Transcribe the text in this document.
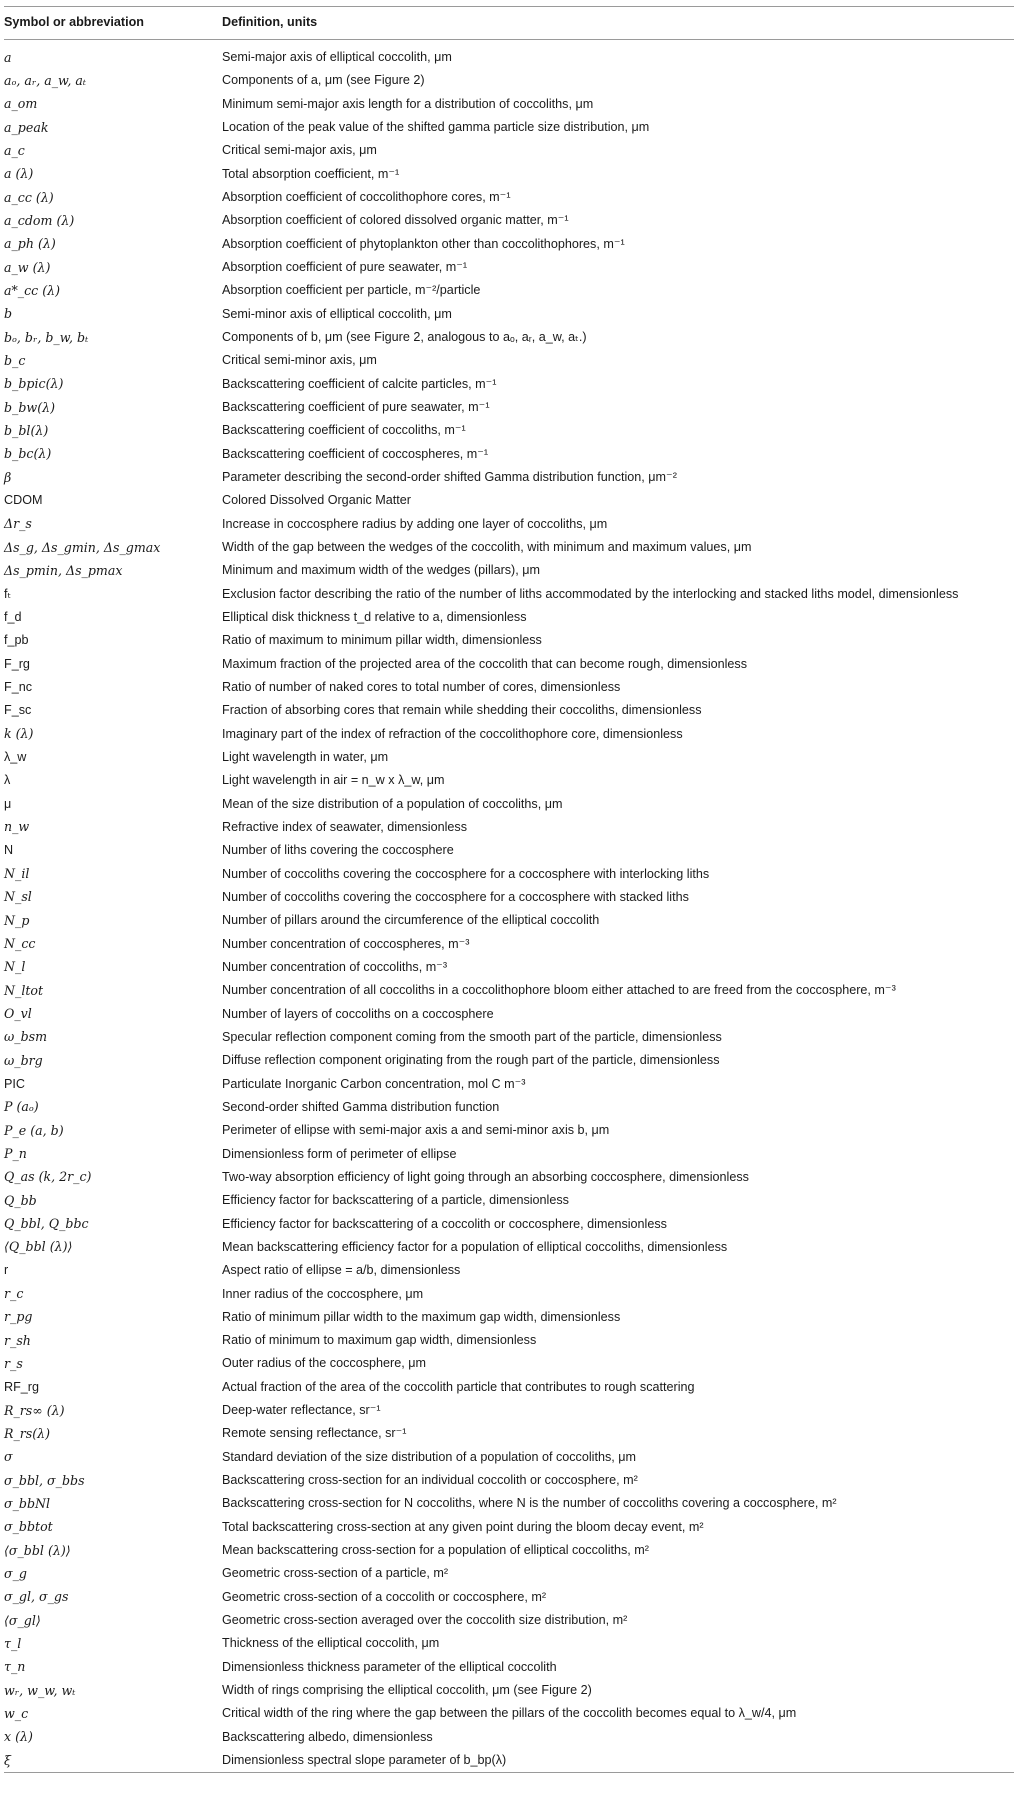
Symbol or abbreviation	Definition, units
a	Semi-major axis of elliptical coccolith, μm
aₒ, aᵣ, a_w, aₜ	Components of a, μm (see Figure 2)
a_om	Minimum semi-major axis length for a distribution of coccoliths, μm
a_peak	Location of the peak value of the shifted gamma particle size distribution, μm
a_c	Critical semi-major axis, μm
a (λ)	Total absorption coefficient, m⁻¹
a_cc (λ)	Absorption coefficient of coccolithophore cores, m⁻¹
a_cdom (λ)	Absorption coefficient of colored dissolved organic matter, m⁻¹
a_ph (λ)	Absorption coefficient of phytoplankton other than coccolithophores, m⁻¹
a_w (λ)	Absorption coefficient of pure seawater, m⁻¹
a*_cc (λ)	Absorption coefficient per particle, m⁻²/particle
b	Semi-minor axis of elliptical coccolith, μm
bₒ, bᵣ, b_w, bₜ	Components of b, μm (see Figure 2, analogous to aₒ, aᵣ, a_w, aₜ.)
b_c	Critical semi-minor axis, μm
b_bpic(λ)	Backscattering coefficient of calcite particles, m⁻¹
b_bw(λ)	Backscattering coefficient of pure seawater, m⁻¹
b_bl(λ)	Backscattering coefficient of coccoliths, m⁻¹
b_bc(λ)	Backscattering coefficient of coccospheres, m⁻¹
β	Parameter describing the second-order shifted Gamma distribution function, μm⁻²
CDOM	Colored Dissolved Organic Matter
Δr_s	Increase in coccosphere radius by adding one layer of coccoliths, μm
Δs_g, Δs_gmin, Δs_gmax	Width of the gap between the wedges of the coccolith, with minimum and maximum values, μm
Δs_pmin, Δs_pmax	Minimum and maximum width of the wedges (pillars), μm
fₜ	Exclusion factor describing the ratio of the number of liths accommodated by the interlocking and stacked liths model, dimensionless
f_d	Elliptical disk thickness t_d relative to a, dimensionless
f_pb	Ratio of maximum to minimum pillar width, dimensionless
F_rg	Maximum fraction of the projected area of the coccolith that can become rough, dimensionless
F_nc	Ratio of number of naked cores to total number of cores, dimensionless
F_sc	Fraction of absorbing cores that remain while shedding their coccoliths, dimensionless
k (λ)	Imaginary part of the index of refraction of the coccolithophore core, dimensionless
λ_w	Light wavelength in water, μm
λ	Light wavelength in air = n_w x λ_w, μm
μ	Mean of the size distribution of a population of coccoliths, μm
n_w	Refractive index of seawater, dimensionless
N	Number of liths covering the coccosphere
N_il	Number of coccoliths covering the coccosphere for a coccosphere with interlocking liths
N_sl	Number of coccoliths covering the coccosphere for a coccosphere with stacked liths
N_p	Number of pillars around the circumference of the elliptical coccolith
N_cc	Number concentration of coccospheres, m⁻³
N_l	Number concentration of coccoliths, m⁻³
N_ltot	Number concentration of all coccoliths in a coccolithophore bloom either attached to are freed from the coccosphere, m⁻³
O_vl	Number of layers of coccoliths on a coccosphere
ω_bsm	Specular reflection component coming from the smooth part of the particle, dimensionless
ω_brg	Diffuse reflection component originating from the rough part of the particle, dimensionless
PIC	Particulate Inorganic Carbon concentration, mol C m⁻³
P (aₒ)	Second-order shifted Gamma distribution function
P_e (a, b)	Perimeter of ellipse with semi-major axis a and semi-minor axis b, μm
P_n	Dimensionless form of perimeter of ellipse
Q_as (k, 2r_c)	Two-way absorption efficiency of light going through an absorbing coccosphere, dimensionless
Q_bb	Efficiency factor for backscattering of a particle, dimensionless
Q_bbl, Q_bbc	Efficiency factor for backscattering of a coccolith or coccosphere, dimensionless
⟨Q_bbl (λ)⟩	Mean backscattering efficiency factor for a population of elliptical coccoliths, dimensionless
r	Aspect ratio of ellipse = a/b, dimensionless
r_c	Inner radius of the coccosphere, μm
r_pg	Ratio of minimum pillar width to the maximum gap width, dimensionless
r_sh	Ratio of minimum to maximum gap width, dimensionless
r_s	Outer radius of the coccosphere, μm
RF_rg	Actual fraction of the area of the coccolith particle that contributes to rough scattering
R_rs∞ (λ)	Deep-water reflectance, sr⁻¹
R_rs(λ)	Remote sensing reflectance, sr⁻¹
σ	Standard deviation of the size distribution of a population of coccoliths, μm
σ_bbl, σ_bbs	Backscattering cross-section for an individual coccolith or coccosphere, m²
σ_bbNl	Backscattering cross-section for N coccoliths, where N is the number of coccoliths covering a coccosphere, m²
σ_bbtot	Total backscattering cross-section at any given point during the bloom decay event, m²
⟨σ_bbl (λ)⟩	Mean backscattering cross-section for a population of elliptical coccoliths, m²
σ_g	Geometric cross-section of a particle, m²
σ_gl, σ_gs	Geometric cross-section of a coccolith or coccosphere, m²
⟨σ_gl⟩	Geometric cross-section averaged over the coccolith size distribution, m²
τ_l	Thickness of the elliptical coccolith, μm
τ_n	Dimensionless thickness parameter of the elliptical coccolith
wᵣ, w_w, wₜ	Width of rings comprising the elliptical coccolith, μm (see Figure 2)
w_c	Critical width of the ring where the gap between the pillars of the coccolith becomes equal to λ_w/4, μm
x (λ)	Backscattering albedo, dimensionless
ξ	Dimensionless spectral slope parameter of b_bp(λ)
